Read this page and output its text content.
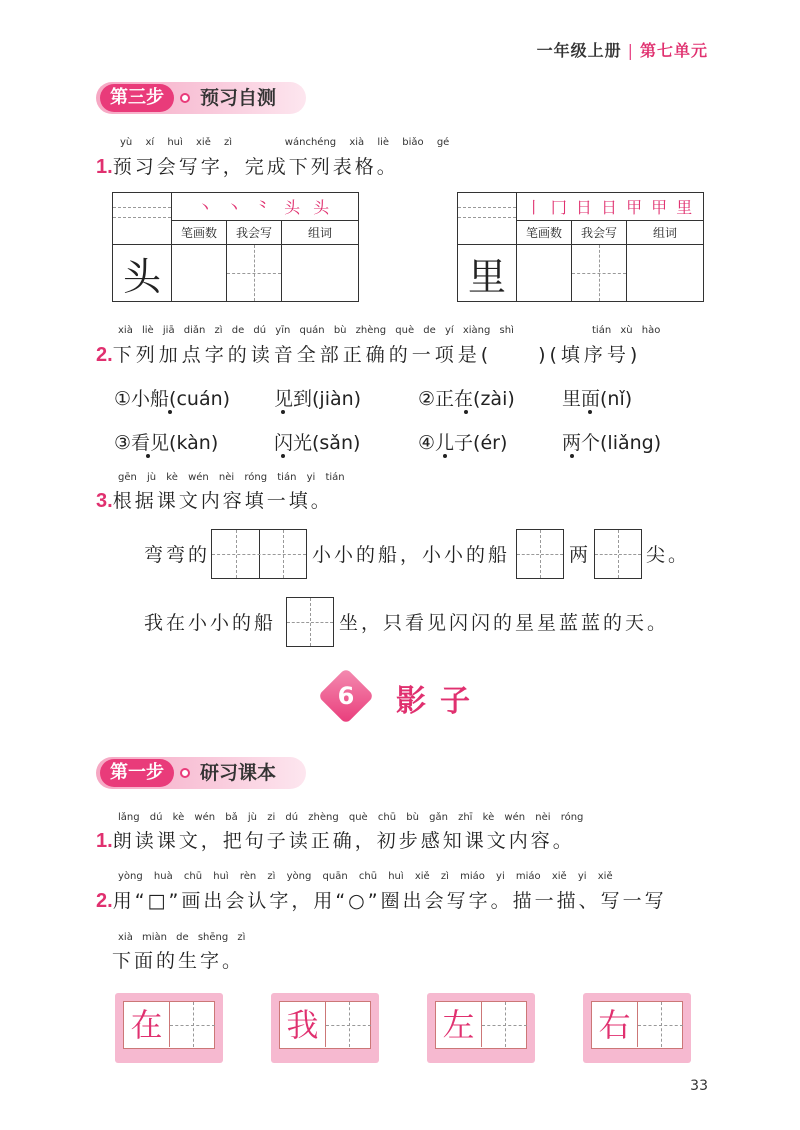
一年级上册 | 第七单元
第三步	预习自测
yù xí huì xiě zì	wánchéng xià liè biǎo gé
1.预习会写字，完成下列表格。
	丶 丶 ⺀ 头 头		
	笔画数	我会写	组词
头		

	丨 冂 日 日 甲 甲 里		
	笔画数	我会写	组词
里		

xià liè jiā diǎn zì de dú yīn quán bù zhèng què de yí xiàng shì	tián xù hào
2.下列加点字的读音全部正确的一项是(　　)(填序号)
①小船(cuán) 见到(jiàn)	②正在(zài) 里面(nǐ)
③看见(kàn)	闪光(sǎn)	④儿子(ér)	两个(liǎng)
gēn jù kè wén nèi róng tián yi tián
3.根据课文内容填一填。
弯弯的	小小的船，小小的船	两	尖。
我在小小的船	坐，只看见闪闪的星星蓝蓝的天。
6	影子
第一步	研习课本
lǎng dú kè wén bǎ jù zi dú zhèng què chū bù gǎn zhī kè wén nèi róng
1.朗读课文，把句子读正确，初步感知课文内容。
yòng huà chū huì rèn zì yòng quān chū huì xiě zì miáo yi miáo xiě yi xiě
2.用“□”画出会认字，用“○”圈出会写字。描一描、写一写
xià miàn de shēng zì
下面的生字。
在	我	左	右
33
